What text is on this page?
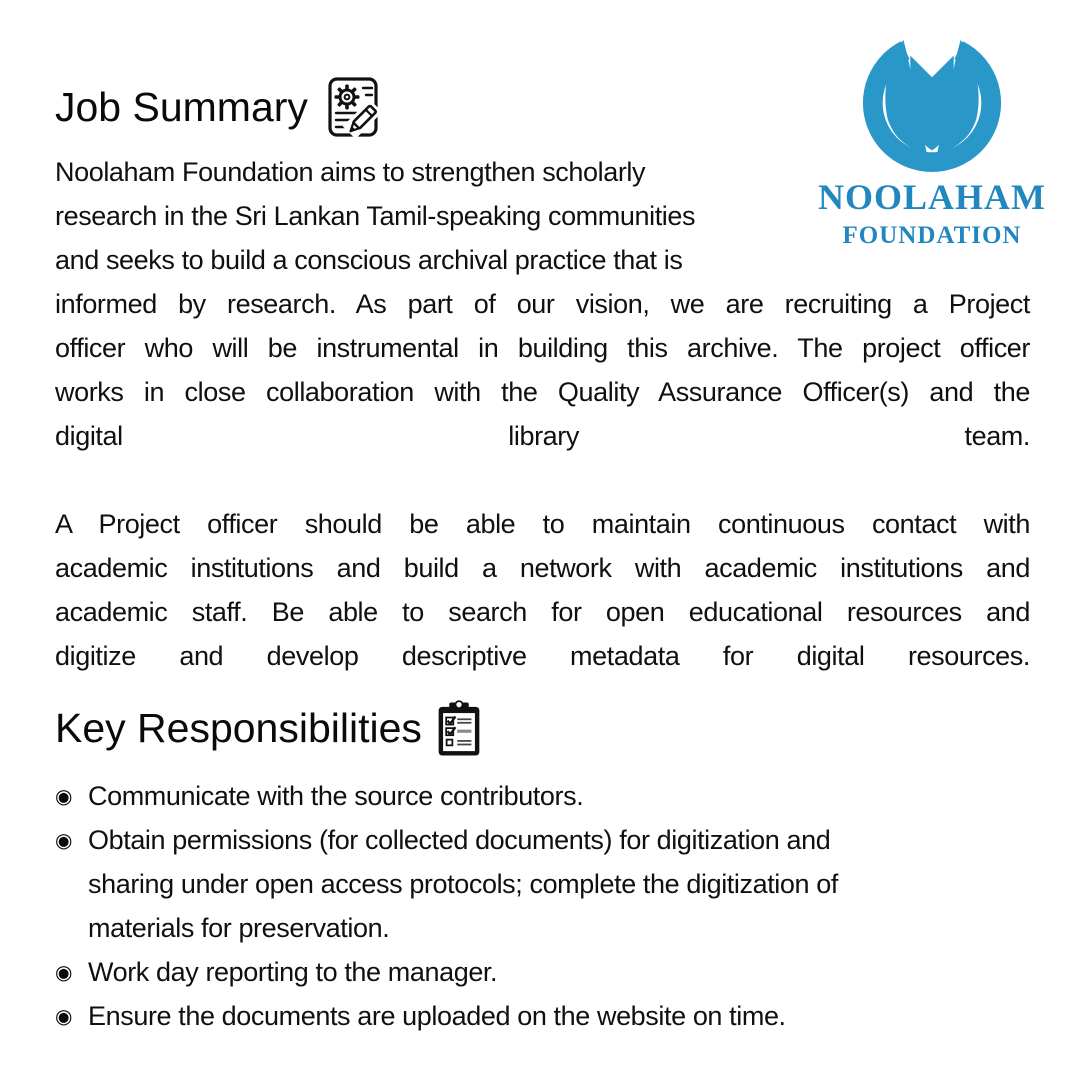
NOOLAHAM
FOUNDATION
Job Summary
Noolaham Foundation aims to strengthen scholarly
research in the Sri Lankan Tamil-speaking communities
and seeks to build a conscious archival practice that is
informed by research. As part of our vision, we are recruiting a Project
officer who will be instrumental in building this archive. The project officer
works in close collaboration with the Quality Assurance Officer(s) and the
digital library team.
A Project officer should be able to maintain continuous contact with
academic institutions and build a network with academic institutions and
academic staff. Be able to search for open educational resources and
digitize and develop descriptive metadata for digital resources.
Key Responsibilities
◉ Communicate with the source contributors.
◉ Obtain permissions (for collected documents) for digitization and
sharing under open access protocols; complete the digitization of
materials for preservation.
◉ Work day reporting to the manager.
◉ Ensure the documents are uploaded on the website on time.
